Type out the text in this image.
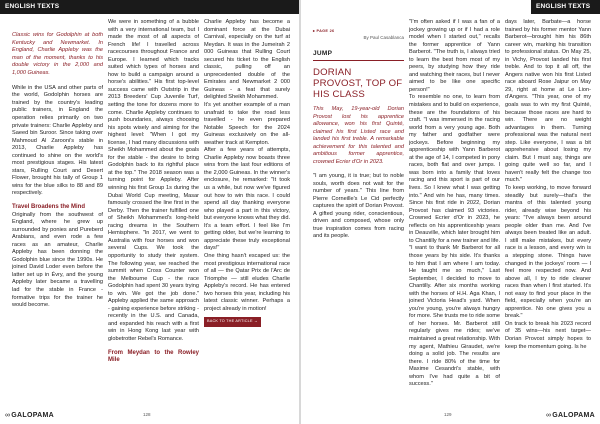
ENGLISH TEXTS

Classic wins for Godolphin at both Kentucky and Newmarket. In England, Charlie Appleby was the man of the moment, thanks to his double victory in the 2,000 and 1,000 Guineas.

While in the USA and other parts of the world, Godolphin horses are trained by the country's leading public trainers, in England the operation relies primarily on two private trainers: Charlie Appleby and Saeed bin Suroor. Since taking over Mahmoud Al Zarooni's stable in 2013, Charlie Appleby has continued to shine on the world's most prestigious stages. His latest stars, Rulling Court and Desert Flower, brought his tally of Group 1 wins for the blue silks to 88 and 89 respectively.

Travel Broadens the Mind

Originally from the southwest of England, where he grew up surrounded by ponies and Pureberd Arabians, and even rode a few races as an amateur, Charlie Appleby has been donning the Godolphin blue since the 1990s. He joined David Loder even before the latter set up in Évry, and the young Appleby later became a travelling lad for the stable in France - formative trips for the trainer he would become.

We were in something of a bubble with a very international team, but I made the most of all aspects of French life! I travelled across racecourses throughout France and Europe. I learned which tracks suited which types of horses and how to build a campaign around a horse's abilities." His first top-level success came with Outstrip in the 2013 Breeders' Cup Juvenile Turf, setting the tone for dozens more to come. Charlie Appleby continues to push boundaries, always choosing his spots wisely and aiming for the highest level: "When I got my license, I had many discussions with Sheikh Mohammed about the goals for the stable - the desire to bring Godolphin back to its rightful place at the top." The 2018 season was a turning point for Appleby. After winning his first Group 1s during the Dubai World Cup meeting, Masar famously crossed the line first in the Derby. Then the trainer fulfilled one of Sheikh Mohammed's long-held racing dreams in the Southern Hemisphere. "In 2017, we went to Australia with four horses and won several Cups. We took the opportunity to study their system. The following year, we reached the summit when Cross Counter won the Melbourne Cup - the race Godolphin had spent 30 years trying to win. We got the job done." Appleby applied the same approach - gaining experience before striking - recently in the U.S. and Canada, and expanded his reach with a first win in Hong Kong last year with globetrotter Rebel's Romance.

From Meydan to the Rowley Mile

Charlie Appleby has become a dominant force at the Dubai Carnival, especially on the turf at Meydan. It was in the Jumeirah 2 000 Guineas that Rulling Court secured his ticket to the English classic, pulling off an unprecedented double of the Emirates and Newmarket 2 000 Guineas - a feat that surely delighted Sheikh Mohammed.

It's yet another example of a man unafraid to take the road less travelled - he even prepared Notable Speech for the 2024 Guineas exclusively on the all-weather track at Kempton.

After a few years of attempts, Charlie Appleby now boasts three wins from the last four editions of the 2,000 Guineas. In the winner's enclosure, he remarked: "It took us a while, but now we've figured out how to win this race. I could spend all day thanking everyone who played a part in this victory, but everyone knows what they did. It's a team effort. I feel like I'm getting older, but we're learning to appreciate these truly exceptional days!"

One thing hasn't escaped us: the most prestigious international race of all — the Qatar Prix de l'Arc de Triomphe — still eludes Charlie Appleby's record. He has entered two horses this year, including his latest classic winner. Perhaps a project already in motion!

BACK TO THE ARTICLE →
∞GALOPAMA	128
ENGLISH TEXTS
▸ PAGE 26
By Paul Casablanca
JUMP
DORIAN PROVOST, TOP OF HIS CLASS
This May, 19-year-old Dorian Provost lost his apprentice allowance, won his first Quinté, claimed his first Listed race and landed his first treble. A remarkable achievement for this talented and ambitious former apprentice, crowned Ecrier d'Or in 2023.
"I am young, it is true; but to noble souls, worth does not wait for the number of years." This line from Pierre Corneille's Le Cid perfectly captures the spirit of Dorian Provost. A gifted young rider, conscientious, driven and composed, whose only true inspiration comes from racing and its people.

"I'm often asked if I was a fan of a jockey growing up or if I had a role model when I started out," recalls the former apprentice of Yann Barberot. "The truth is, I always tried to learn the best from most of my peers, by studying how they ride and watching their races, but I never aimed to be like one specific person!"

To resemble no one, to learn from mistakes and to build on experience, these are the foundations of his craft. "I was immersed in the racing world from a very young age. Both my father and godfather were jockeys. Before beginning my apprenticeship with Yann Barberot at the age of 14, I competed in pony races, both flat and over jumps. I was born into a family that loves racing and this sport is part of our lives. So I knew what I was getting into." And win he has, many times. Since his first ride in 2022, Dorian Provost has claimed 93 victories. Crowned Ecrier d'Or in 2023, he reflects on his apprenticeship years in Deauville, which later brought him to Chantilly for a new trainer and life. "I want to thank Mr Barberot for all those years by his side. It's thanks to him that I am where I am today. He taught me so much," Last September, I decided to move to Chantilly. After six months working with the horses of H.H. Aga Khan, I joined Victoria Head's yard. When you're young, you're always hungry for more. She trusts me to ride some of her horses. Mr. Barberot still regularly gives me rides; we've maintained a great relationship. With my agent, Mathieu Giraudet, we're doing a solid job. The results are there. I ride 80% of the time for Maxime Cesandri's stable, with whom I've had quite a bit of success."

days later, Barbate—a horse trained by his former mentor Yann Barberot—brought him his 86th career win, marking his transition to professional status. On May 25, in Vichy, Provost landed his first treble. And to top it all off, the Angers native won his first Listed race aboard Rose Jaipur on May 29, right at home at Le Lion-d'Angers. "This year, one of my goals was to win my first Quinté, because those races are hard to win. There are no weight advantages in them. Turning professional was the natural next step. Like everyone, I was a bit apprehensive about losing my claim. But I must say, things are going quite well so far, and I haven't really felt the change too much."

To keep working, to move forward steadily but surely—that's the mantra of this talented young rider, already wise beyond his years: "I've always been around people older than me. And I've always been treated like an adult. I still make mistakes, but every race is a lesson, and every win is a stepping stone. Things have changed in the jockeys' room — I feel more respected now. And above all, I try to ride cleaner races than when I first started. It's not easy to find your place in the field, especially when you're an apprentice. No one gives you a break."

On track to break his 2023 record of 35 wins—his next target—Dorian Provost simply hopes to keep the momentum going. Is he

129	∞GALOPAMA
